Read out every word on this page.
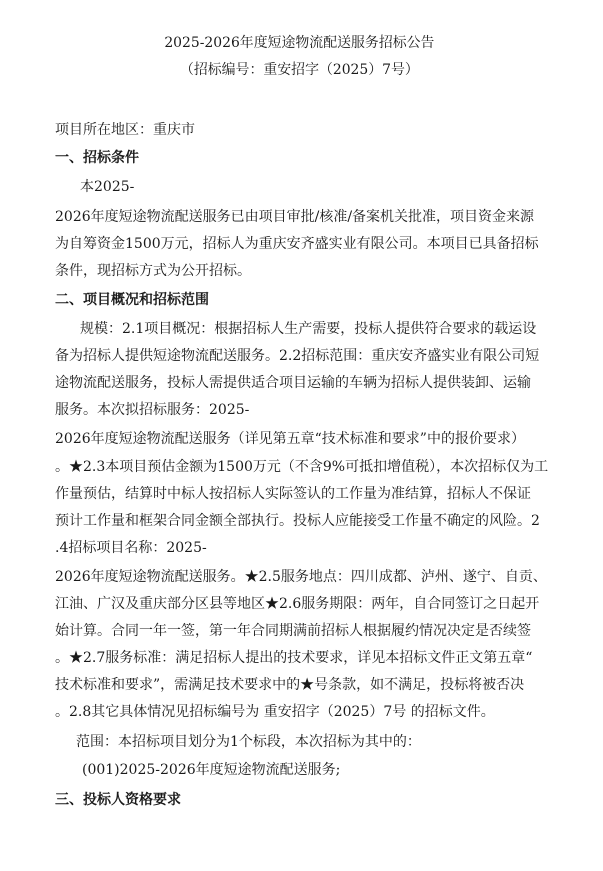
2025-2026年度短途物流配送服务招标公告
（招标编号：重安招字（2025）7号）
项目所在地区：重庆市
一、招标条件
本2025-
2026年度短途物流配送服务已由项目审批/核准/备案机关批准，项目资金来源
为自筹资金1500万元，招标人为重庆安齐盛实业有限公司。本项目已具备招标
条件，现招标方式为公开招标。
二、项目概况和招标范围
规模：2.1项目概况：根据招标人生产需要，投标人提供符合要求的载运设
备为招标人提供短途物流配送服务。2.2招标范围：重庆安齐盛实业有限公司短
途物流配送服务，投标人需提供适合项目运输的车辆为招标人提供装卸、运输
服务。本次拟招标服务：2025-
2026年度短途物流配送服务（详见第五章“技术标准和要求”中的报价要求）
。★2.3本项目预估金额为1500万元（不含9%可抵扣增值税），本次招标仅为工
作量预估，结算时中标人按招标人实际签认的工作量为准结算，招标人不保证
预计工作量和框架合同金额全部执行。投标人应能接受工作量不确定的风险。2
.4招标项目名称：2025-
2026年度短途物流配送服务。★2.5服务地点：四川成都、泸州、遂宁、自贡、
江油、广汉及重庆部分区县等地区★2.6服务期限：两年，自合同签订之日起开
始计算。合同一年一签，第一年合同期满前招标人根据履约情况决定是否续签
。★2.7服务标准：满足招标人提出的技术要求，详见本招标文件正文第五章“
技术标准和要求”，需满足技术要求中的★号条款，如不满足，投标将被否决
。2.8其它具体情况见招标编号为 重安招字（2025）7号 的招标文件。
范围：本招标项目划分为1个标段，本次招标为其中的：
(001)2025-2026年度短途物流配送服务;
三、投标人资格要求
